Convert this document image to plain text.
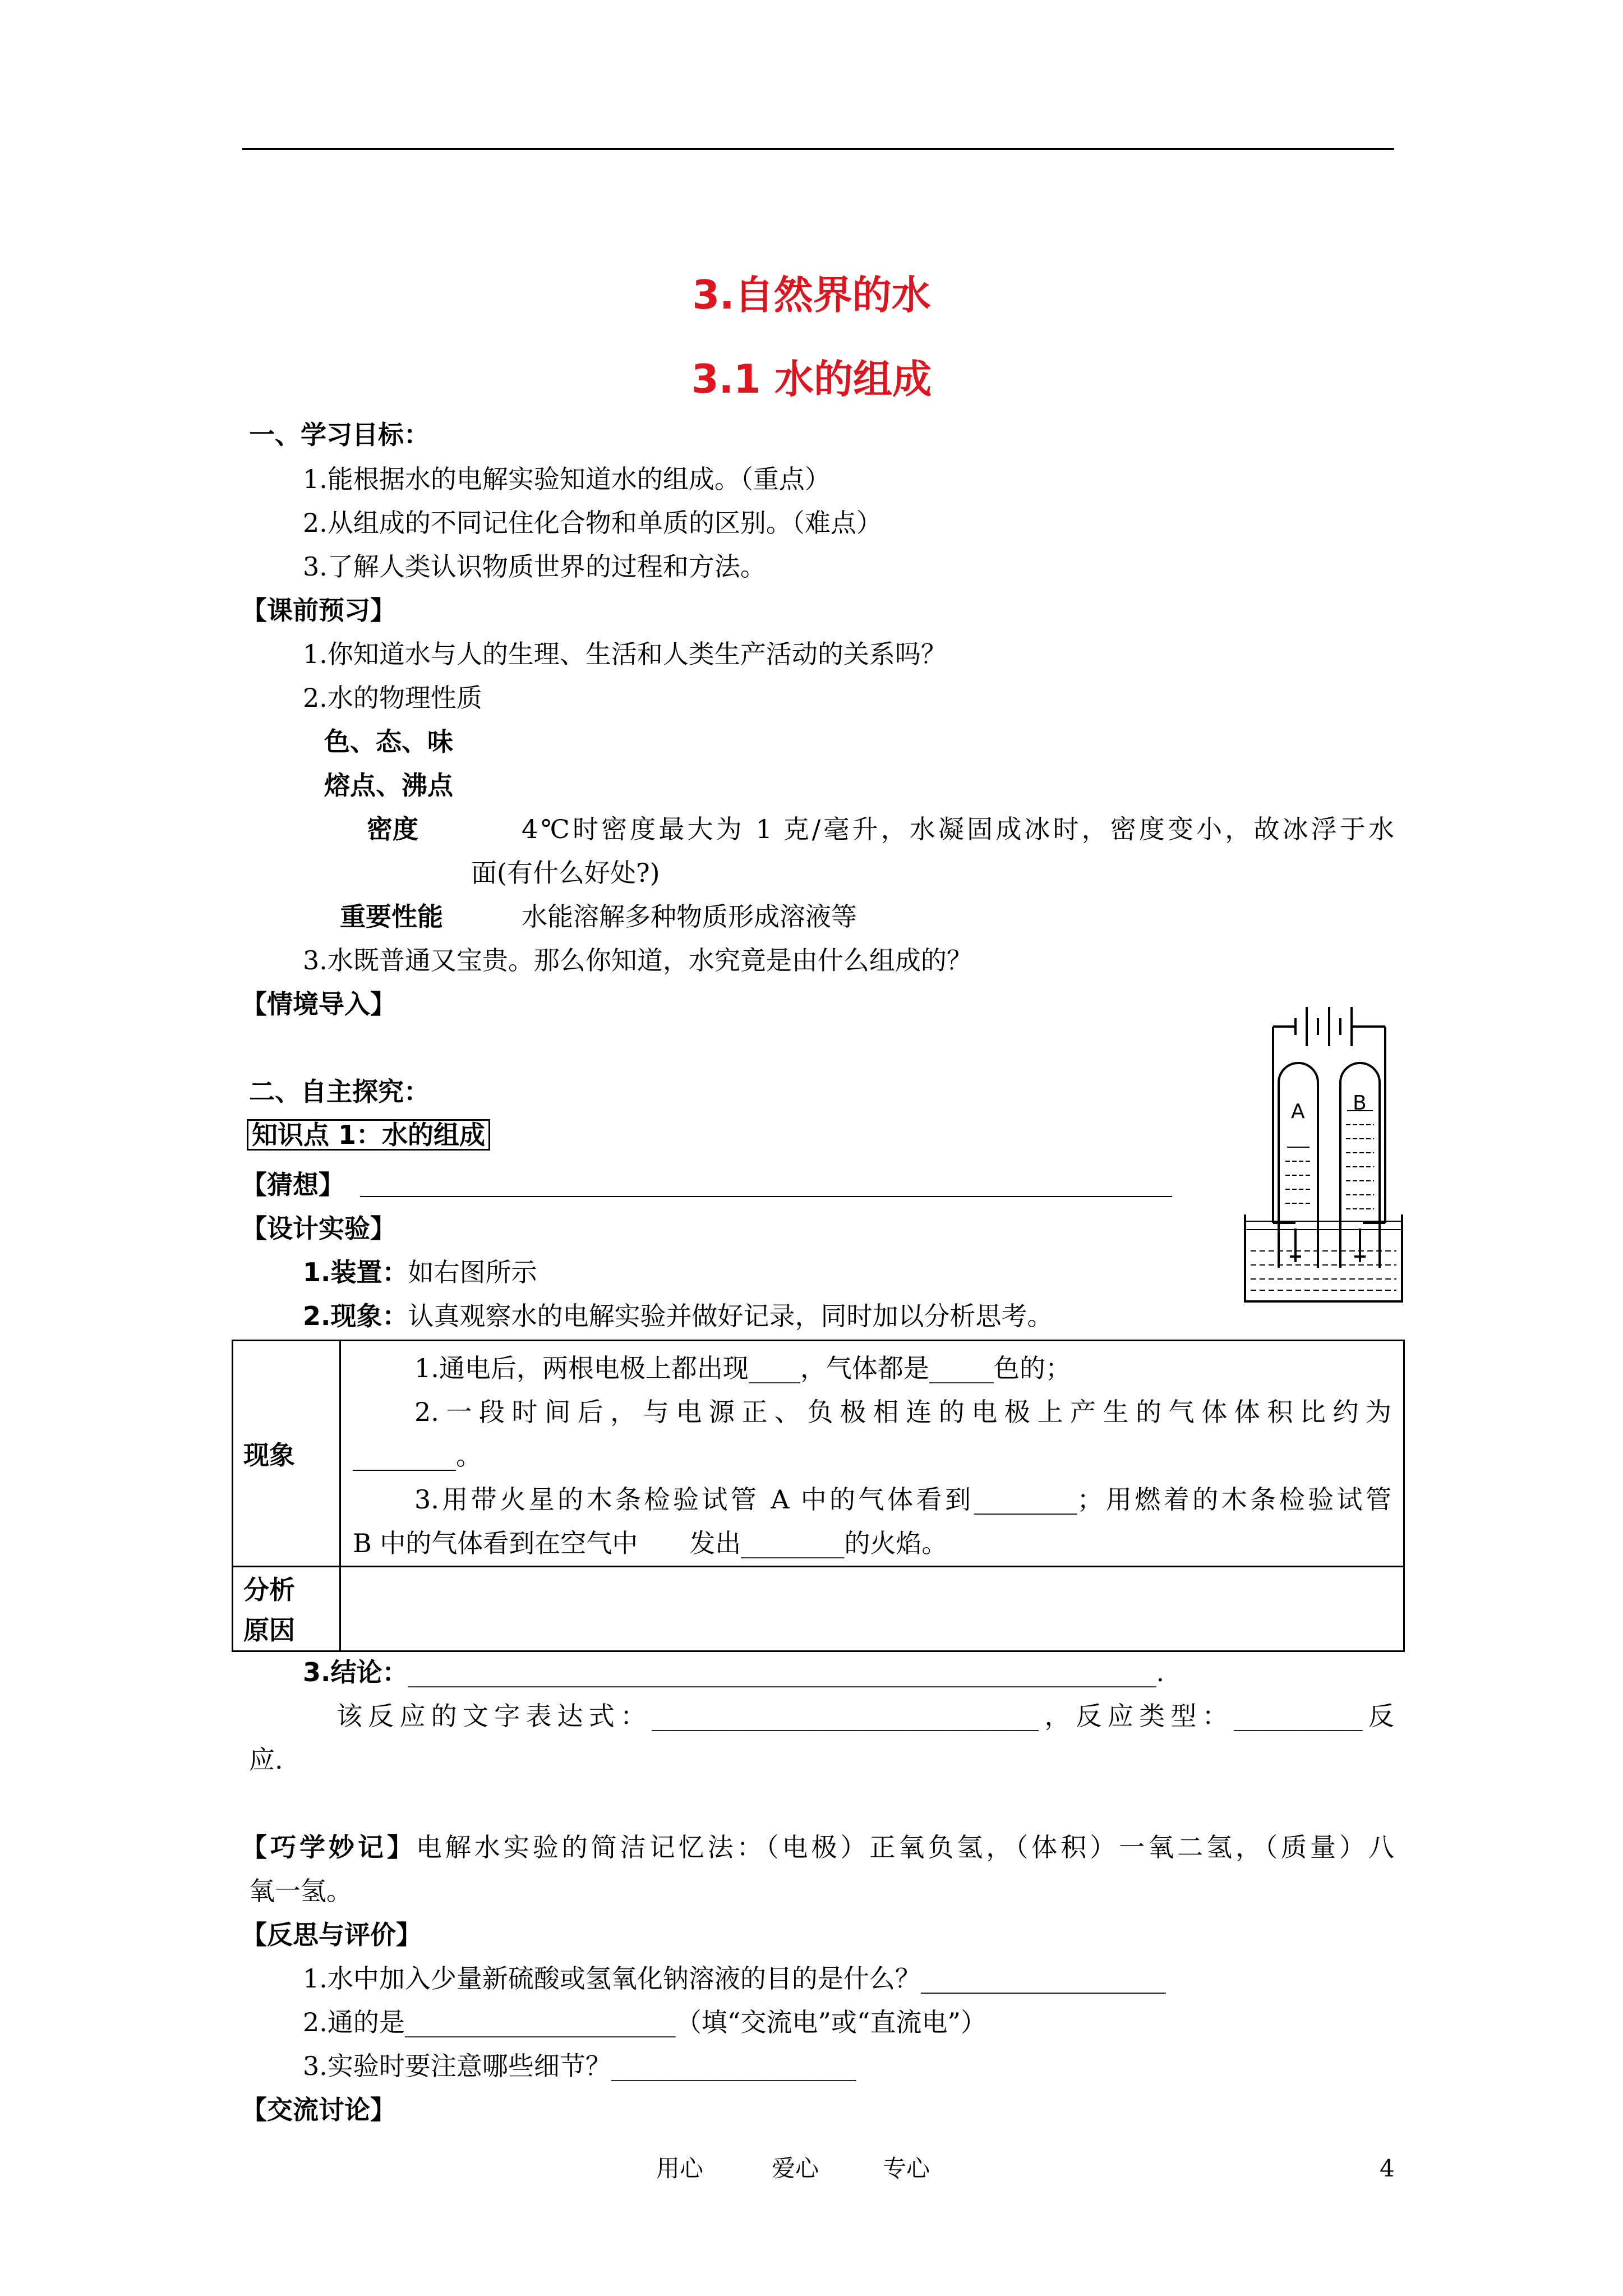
3.自然界的水
3.1 水的组成
一、学习目标：
1.能根据水的电解实验知道水的组成。（重点）
2.从组成的不同记住化合物和单质的区别。（难点）
3.了解人类认识物质世界的过程和方法。
【课前预习】
1.你知道水与人的生理、生活和人类生产活动的关系吗？
2.水的物理性质
色、态、味
熔点、沸点
密度	4℃时密度最大为 1 克/毫升，水凝固成冰时，密度变小，故冰浮于水
面(有什么好处?)
重要性能	水能溶解多种物质形成溶液等
3.水既普通又宝贵。那么你知道，水究竟是由什么组成的？
【情境导入】
二、自主探究：
知识点 1：水的组成
【猜想】
【设计实验】
1.装置：如右图所示
2.现象：认真观察水的电解实验并做好记录，同时加以分析思考。
A B
现象	1.通电后，两根电极上都出现____，气体都是_____色的；
2.一段时间后，与电源正、负极相连的电极上产生的气体体积比约为
________。
3.用带火星的木条检验试管 A 中的气体看到________；用燃着的木条检验试管
B 中的气体看到在空气中　　发出________的火焰。

分析
原因	

3.结论：__________________________________________________________.
该反应的文字表达式：______________________________，反应类型：__________反
应.
【巧学妙记】电解水实验的简洁记忆法：（电极）正氧负氢，（体积）一氧二氢，（质量）八
氧一氢。
【反思与评价】
1.水中加入少量新硫酸或氢氧化钠溶液的目的是什么？___________________
2.通的是_____________________（填“交流电”或“直流电”）
3.实验时要注意哪些细节？___________________
【交流讨论】
用心	爱心	专心	4
